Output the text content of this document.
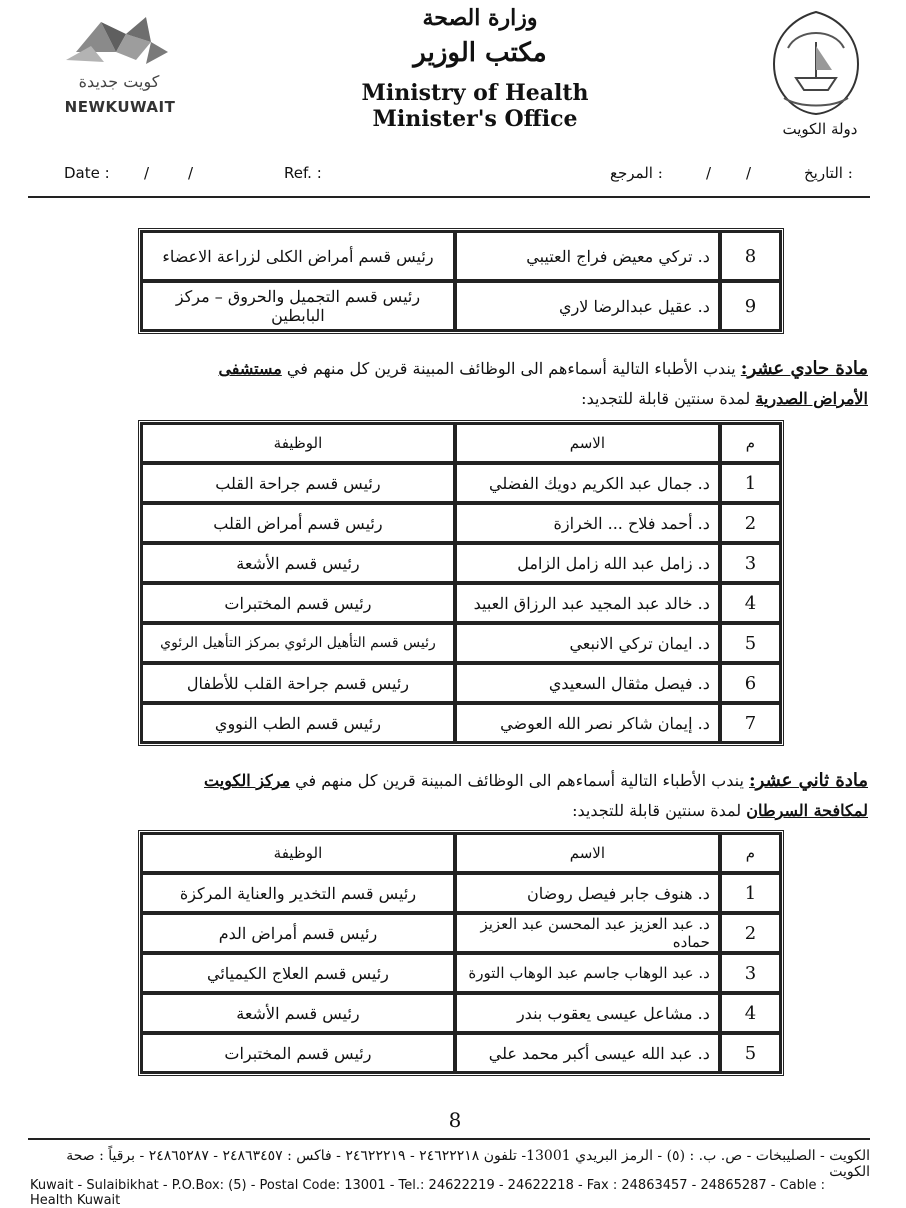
كويت جديدة
NEWKUWAIT
وزارة الصحة
مكتب الوزير
Ministry of Health
Minister's Office	دولة الكويت
Date : /	/	Ref. :	: المرجع	/ /	: التاريخ
8	د. تركي معيض فراج العتيبي	رئيس قسم أمراض الكلى لزراعة الاعضاء
9	د. عقيل عبدالرضا لاري	رئيس قسم التجميل والحروق – مركز البابطين
مادة حادي عشر: يندب الأطباء التالية أسماءهم الى الوظائف المبينة قرين كل منهم في مستشفى
الأمراض الصدرية لمدة سنتين قابلة للتجديد:
م	الاسم	الوظيفة
1	د. جمال عبد الكريم دويك الفضلي	رئيس قسم جراحة القلب
2	د. أحمد فلاح ... الخرازة	رئيس قسم أمراض القلب
3	د. زامل عبد الله زامل الزامل	رئيس قسم الأشعة
4	د. خالد عبد المجيد عبد الرزاق العبيد	رئيس قسم المختبرات
5	د. ايمان تركي الانبعي	رئيس قسم التأهيل الرئوي بمركز التأهيل الرئوي
6	د. فيصل مثقال السعيدي	رئيس قسم جراحة القلب للأطفال
7	د. إيمان شاكر نصر الله العوضي	رئيس قسم الطب النووي
مادة ثاني عشر: يندب الأطباء التالية أسماءهم الى الوظائف المبينة قرين كل منهم في مركز الكويت
لمكافحة السرطان لمدة سنتين قابلة للتجديد:
م	الاسم	الوظيفة
1	د. هنوف جابر فيصل روضان	رئيس قسم التخدير والعناية المركزة
2	د. عبد العزيز عبد المحسن عبد العزيز حماده	رئيس قسم أمراض الدم
3	د. عبد الوهاب جاسم عبد الوهاب التورة	رئيس قسم العلاج الكيميائي
4	د. مشاعل عيسى يعقوب بندر	رئيس قسم الأشعة
5	د. عبد الله عيسى أكبر محمد علي	رئيس قسم المختبرات
8
الكويت - الصليبخات - ص. ب. : (٥) - الرمز البريدي 13001- تلفون ٢٤٦٢٢٢١٨ - ٢٤٦٢٢٢١٩ - فاكس : ٢٤٨٦٣٤٥٧ - ٢٤٨٦٥٢٨٧ - برقياً : صحة الكويت
Kuwait - Sulaibikhat - P.O.Box: (5) - Postal Code: 13001 - Tel.: 24622219 - 24622218 - Fax : 24863457 - 24865287 - Cable : Health Kuwait
